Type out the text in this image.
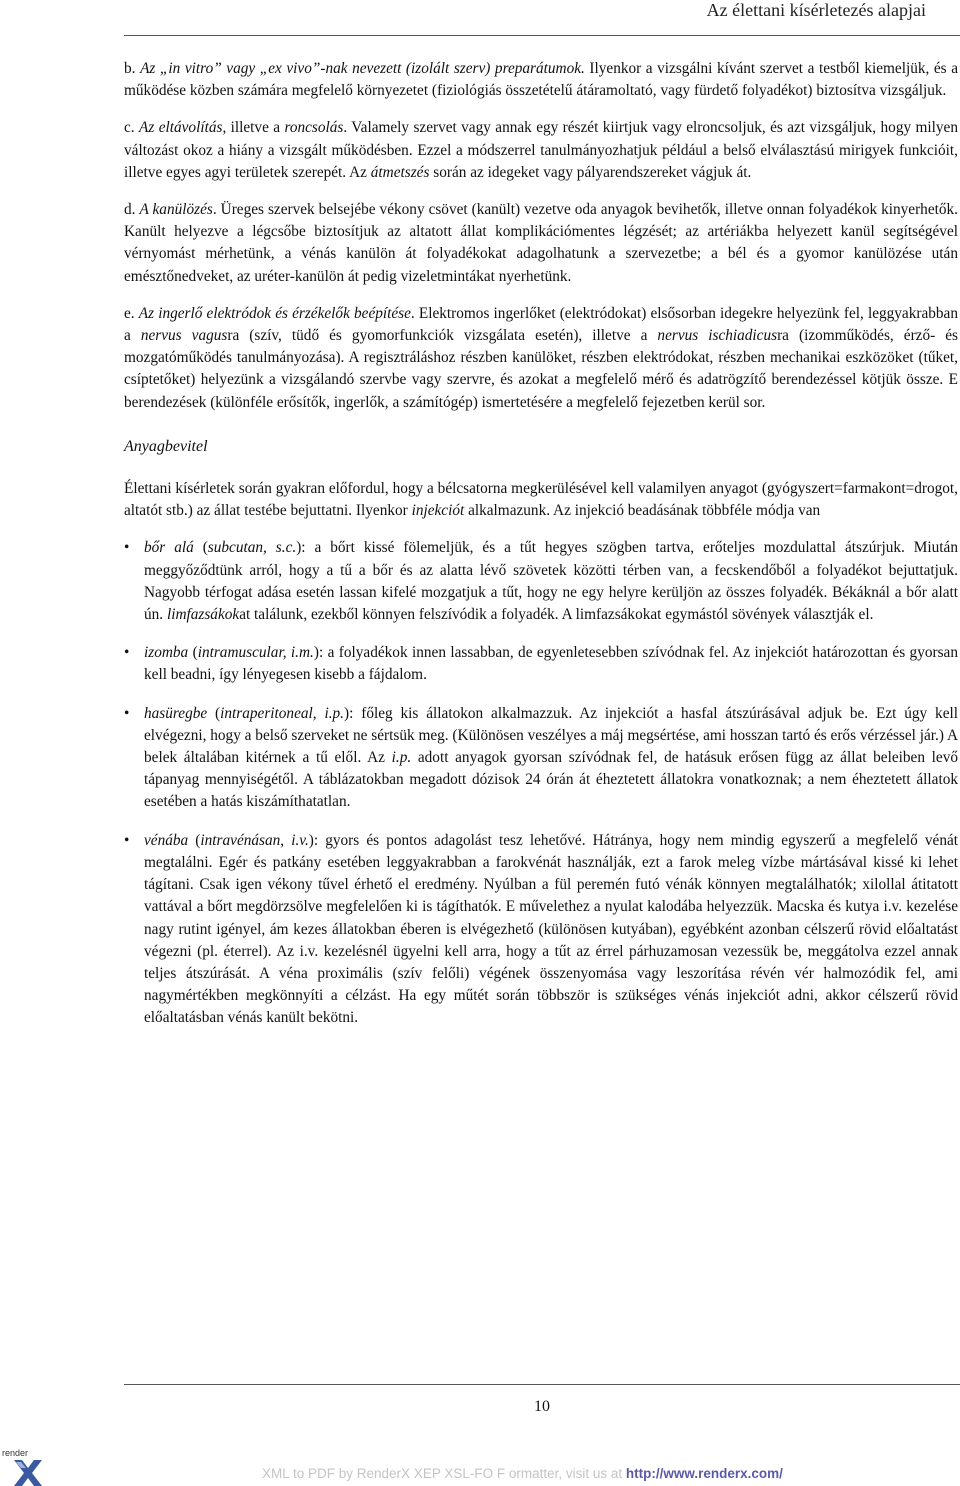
Az élettani kísérletezés alapjai

b. Az „in vitro” vagy „ex vivo”-nak nevezett (izolált szerv) preparátumok. Ilyenkor a vizsgálni kívánt szervet a testből kiemeljük, és a működése közben számára megfelelő környezetet (fiziológiás összetételű átáramoltató, vagy fürdető folyadékot) biztosítva vizsgáljuk.

c. Az eltávolítás, illetve a roncsolás. Valamely szervet vagy annak egy részét kiirtjuk vagy elroncsoljuk, és azt vizsgáljuk, hogy milyen változást okoz a hiány a vizsgált működésben. Ezzel a módszerrel tanulmányozhatjuk például a belső elválasztású mirigyek funkcióit, illetve egyes agyi területek szerepét. Az átmetszés során az idegeket vagy pályarendszereket vágjuk át.

d. A kanülözés. Üreges szervek belsejébe vékony csövet (kanült) vezetve oda anyagok bevihetők, illetve onnan folyadékok kinyerhetők. Kanült helyezve a légcsőbe biztosítjuk az altatott állat komplikációmentes légzését; az artériákba helyezett kanül segítségével vérnyomást mérhetünk, a vénás kanülön át folyadékokat adagolhatunk a szervezetbe; a bél és a gyomor kanülözése után emésztőnedveket, az uréter-kanülön át pedig vizeletmintákat nyerhetünk.

e. Az ingerlő elektródok és érzékelők beépítése. Elektromos ingerlőket (elektródokat) elsősorban idegekre helyezünk fel, leggyakrabban a nervus vagusra (szív, tüdő és gyomorfunkciók vizsgálata esetén), illetve a nervus ischiadicusra (izomműködés, érző- és mozgatóműködés tanulmányozása). A regisztráláshoz részben kanülöket, részben elektródokat, részben mechanikai eszközöket (tűket, csíptetőket) helyezünk a vizsgálandó szervbe vagy szervre, és azokat a megfelelő mérő és adatrögzítő berendezéssel kötjük össze. E berendezések (különféle erősítők, ingerlők, a számítógép) ismertetésére a megfelelő fejezetben kerül sor.

Anyagbevitel

Élettani kísérletek során gyakran előfordul, hogy a bélcsatorna megkerülésével kell valamilyen anyagot (gyógyszert=farmakont=drogot, altatót stb.) az állat testébe bejuttatni. Ilyenkor injekciót alkalmazunk. Az injekció beadásának többféle módja van

• bőr alá (subcutan, s.c.): a bőrt kissé fölemeljük, és a tűt hegyes szögben tartva, erőteljes mozdulattal átszúrjuk. Miután meggyőződtünk arról, hogy a tű a bőr és az alatta lévő szövetek közötti térben van, a fecskendőből a folyadékot bejuttatjuk. Nagyobb térfogat adása esetén lassan kifelé mozgatjuk a tűt, hogy ne egy helyre kerüljön az összes folyadék. Békáknál a bőr alatt ún. limfazsákokat találunk, ezekből könnyen felszívódik a folyadék. A limfazsákokat egymástól sövények választják el.
• izomba (intramuscular, i.m.): a folyadékok innen lassabban, de egyenletesebben szívódnak fel. Az injekciót határozottan és gyorsan kell beadni, így lényegesen kisebb a fájdalom.
• hasüregbe (intraperitoneal, i.p.): főleg kis állatokon alkalmazzuk. Az injekciót a hasfal átszúrásával adjuk be. Ezt úgy kell elvégezni, hogy a belső szerveket ne sértsük meg. (Különösen veszélyes a máj megsértése, ami hosszan tartó és erős vérzéssel jár.) A belek általában kitérnek a tű elől. Az i.p. adott anyagok gyorsan szívódnak fel, de hatásuk erősen függ az állat beleiben levő tápanyag mennyiségétől. A táblázatokban megadott dózisok 24 órán át éheztetett állatokra vonatkoznak; a nem éheztetett állatok esetében a hatás kiszámíthatatlan.
• vénába (intravénásan, i.v.): gyors és pontos adagolást tesz lehetővé. Hátránya, hogy nem mindig egyszerű a megfelelő vénát megtalálni. Egér és patkány esetében leggyakrabban a farokvénát használják, ezt a farok meleg vízbe mártásával kissé ki lehet tágítani. Csak igen vékony tűvel érhető el eredmény. Nyúlban a fül peremén futó vénák könnyen megtalálhatók; xilollal átitatott vattával a bőrt megdörzsölve megfelelően ki is tágíthatók. E művelethez a nyulat kalodába helyezzük. Macska és kutya i.v. kezelése nagy rutint igényel, ám kezes állatokban éberen is elvégezhető (különösen kutyában), egyébként azonban célszerű rövid előaltatást végezni (pl. éterrel). Az i.v. kezelésnél ügyelni kell arra, hogy a tűt az érrel párhuzamosan vezessük be, meggátolva ezzel annak teljes átszúrását. A véna proximális (szív felőli) végének összenyomása vagy leszorítása révén vér halmozódik fel, ami nagymértékben megkönnyíti a célzást. Ha egy műtét során többször is szükséges vénás injekciót adni, akkor célszerű rövid előaltatásban vénás kanült bekötni.
10
render
XML to PDF by RenderX XEP XSL-FO F ormatter, visit us at http://www.renderx.com/
